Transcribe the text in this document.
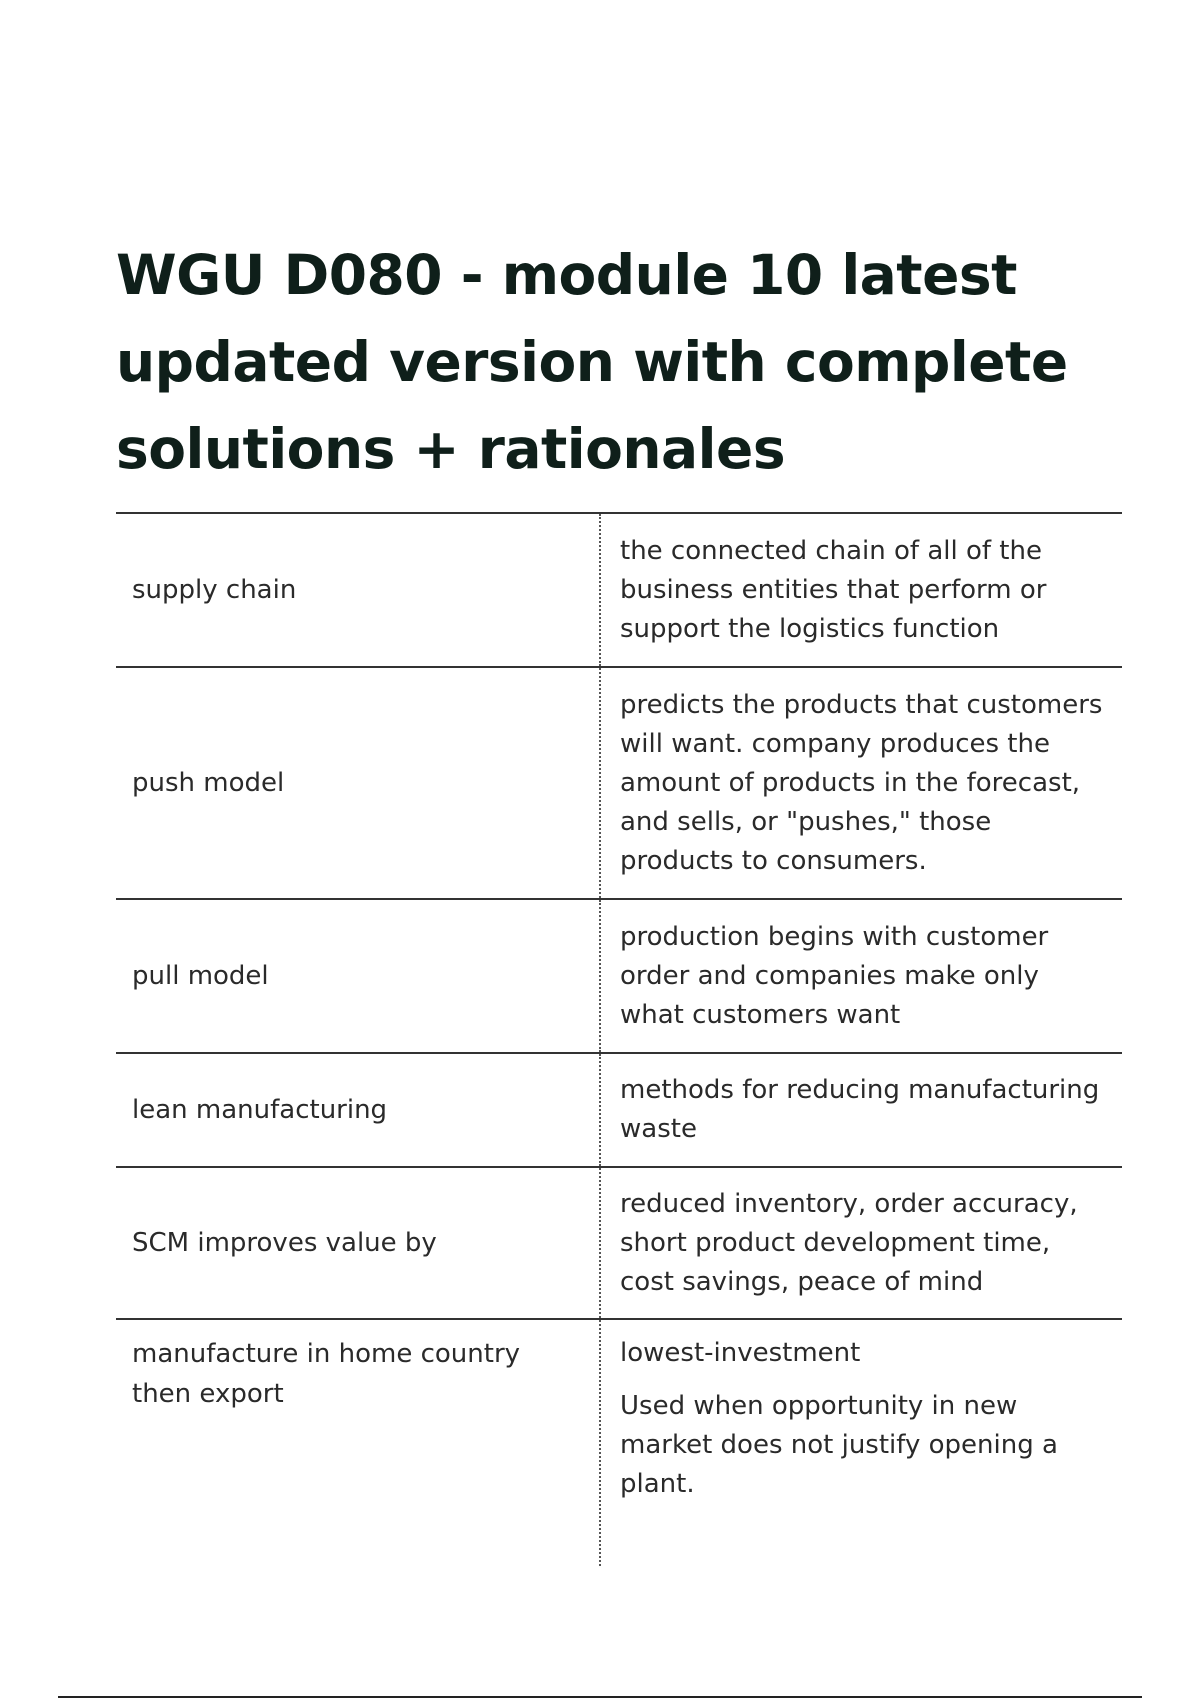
WGU D080 - module 10 latest updated version with complete solutions + rationales
supply chain

the connected chain of all of the business entities that perform or support the logistics function

push model

predicts the products that customers will want. company produces the amount of products in the forecast, and sells, or "pushes," those products to consumers.

pull model

production begins with customer order and companies make only what customers want

lean manufacturing

methods for reducing manufacturing waste

SCM improves value by

reduced inventory, order accuracy, short product development time, cost savings, peace of mind

manufacture in home country then export

lowest-investment

Used when opportunity in new market does not justify opening a plant.
